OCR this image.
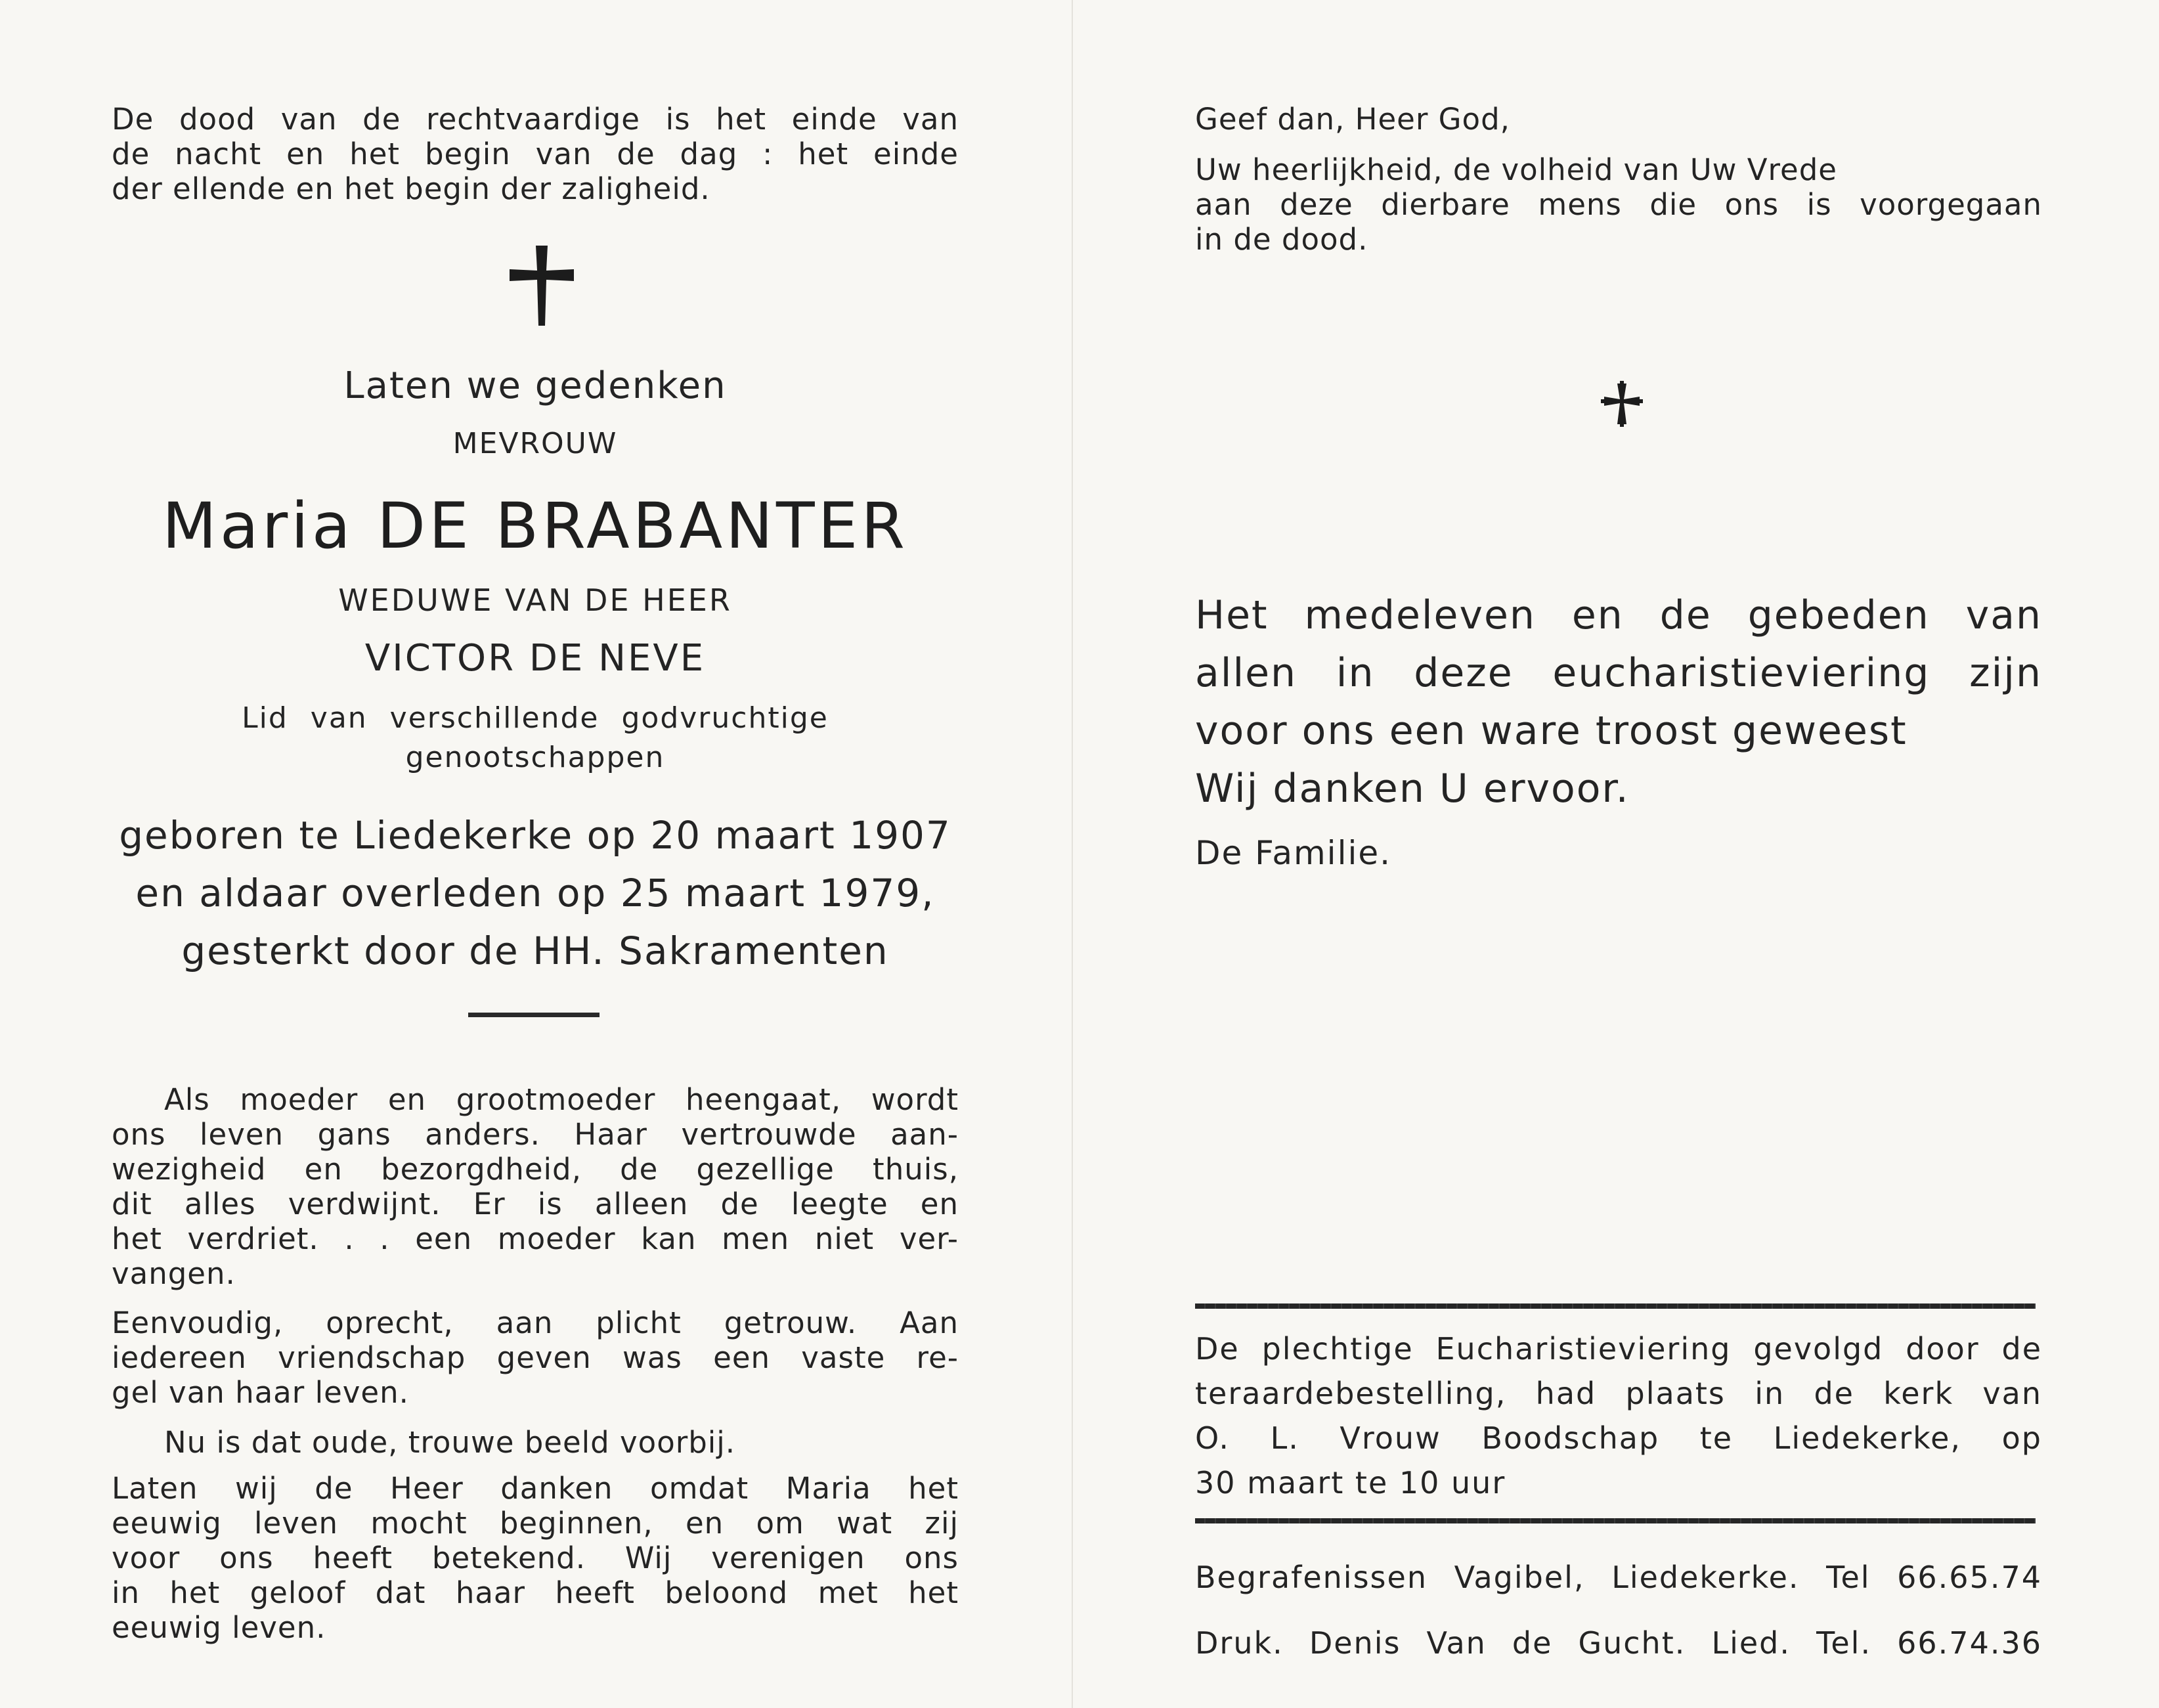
De dood van de rechtvaardige is het einde van
de nacht en het begin van de dag : het einde
der ellende en het begin der zaligheid.
Laten we gedenken
MEVROUW
Maria DE BRABANTER
WEDUWE VAN DE HEER
VICTOR DE NEVE
Lid van verschillende godvruchtige
genootschappen
geboren te Liedekerke op 20 maart 1907
en aldaar overleden op 25 maart 1979,
gesterkt door de HH. Sakramenten
Als moeder en grootmoeder heengaat, wordt
ons leven gans anders. Haar vertrouwde aan-
wezigheid en bezorgdheid, de gezellige thuis,
dit alles verdwijnt. Er is alleen de leegte en
het verdriet. . . een moeder kan men niet ver-
vangen.
Eenvoudig, oprecht, aan plicht getrouw. Aan
iedereen vriendschap geven was een vaste re-
gel van haar leven.
Nu is dat oude, trouwe beeld voorbij.
Laten wij de Heer danken omdat Maria het
eeuwig leven mocht beginnen, en om wat zij
voor ons heeft betekend. Wij verenigen ons
in het geloof dat haar heeft beloond met het
eeuwig leven.
Geef dan, Heer God,
Uw heerlijkheid, de volheid van Uw Vrede
aan deze dierbare mens die ons is voorgegaan
in de dood.
Het medeleven en de gebeden van
allen in deze eucharistieviering zijn
voor ons een ware troost geweest
Wij danken U ervoor.
De Familie.
De plechtige Eucharistieviering gevolgd door de
teraardebestelling, had plaats in de kerk van
O. L. Vrouw Boodschap te Liedekerke, op
30 maart te 10 uur
Begrafenissen Vagibel, Liedekerke. Tel 66.65.74
Druk. Denis Van de Gucht. Lied. Tel. 66.74.36
